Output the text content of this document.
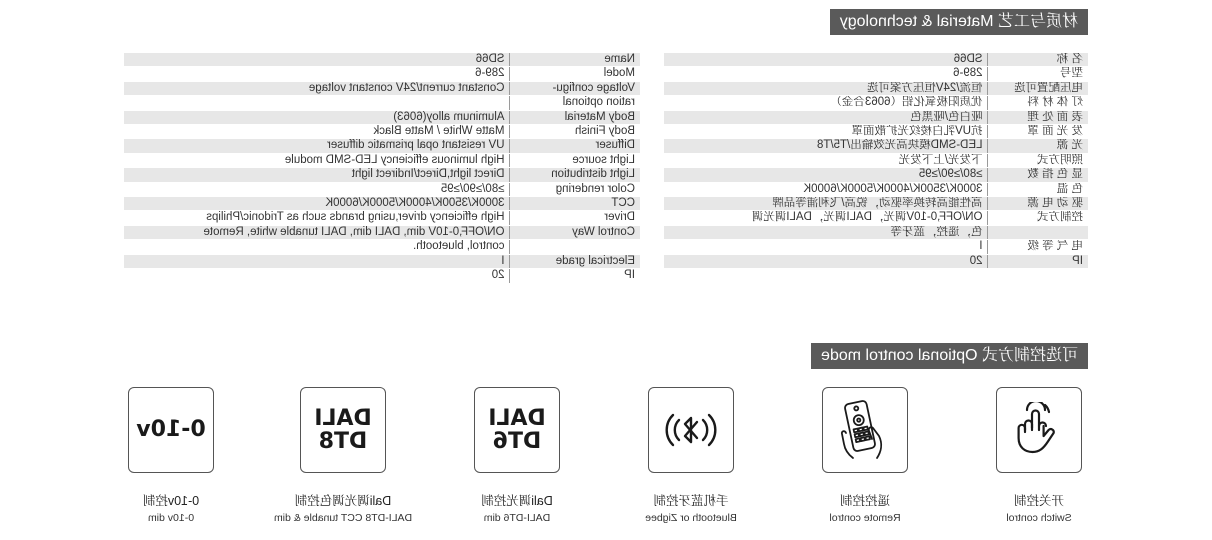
材质与工艺 Material & technology
名 称	SD66
型号	289-6
电压配置可选	恒流/24V恒压方案可选
灯 体 材 料	优质阳极氧化铝（6063合金）
表 面 处 理	哑白色/哑黑色
发 光 面 罩	抗UV乳白棱纹光扩散面罩
光 源	LED-SMD模块高光效输出/T5/T8
照明方式	下发光/上下发光
显 色 指 数	≥80/≥90/≥95
色 温	3000K/3500K/4000K/5000K/6000K
驱 动 电 源	高性能高转换率驱动，锐高/飞利浦等品牌
控制方式	ON/OFF,0-10V调光，DALI调光，DALI调光调
	色，遥控，蓝牙等
电 气 等 级	I
IP	20
Name	SD66
Model	289-6
Voltage configu-	Constant current/24V constant voltage
ration optional	
Body Material	Aluminum alloy(6063)
Body Finish	Matte White / Matte Black
Diffuser	UV resistant opal prismatic diffuser
Light source	High luminous efficiency LED-SMD module
Light distribution	Direct light,Direct/Indirect light
Color rendering	≥80/≥90/≥95
CCT	3000K/3500K/4000K/5000K/6000K
Driver	High efficiency driver,using brands such as Tridonic/Philips
Control Way	ON/OFF,0-10V dim, DALI dim, DALI tunable white, Remote
	control, bluetooth.
Electrical grade	I
IP	20
可选控制方式 Optional control mode
DALI
DT6
DALI
DT8
0-10v
开关控制
Switch control
遥控控制
Remote control
手机蓝牙控制
Bluetooth or Zigbee
Dali调光控制
DALI-DT6 dim
Dali调光调色控制
DALI-DT8 CCT tunable & dim
0-10v控制
0-10v dim
